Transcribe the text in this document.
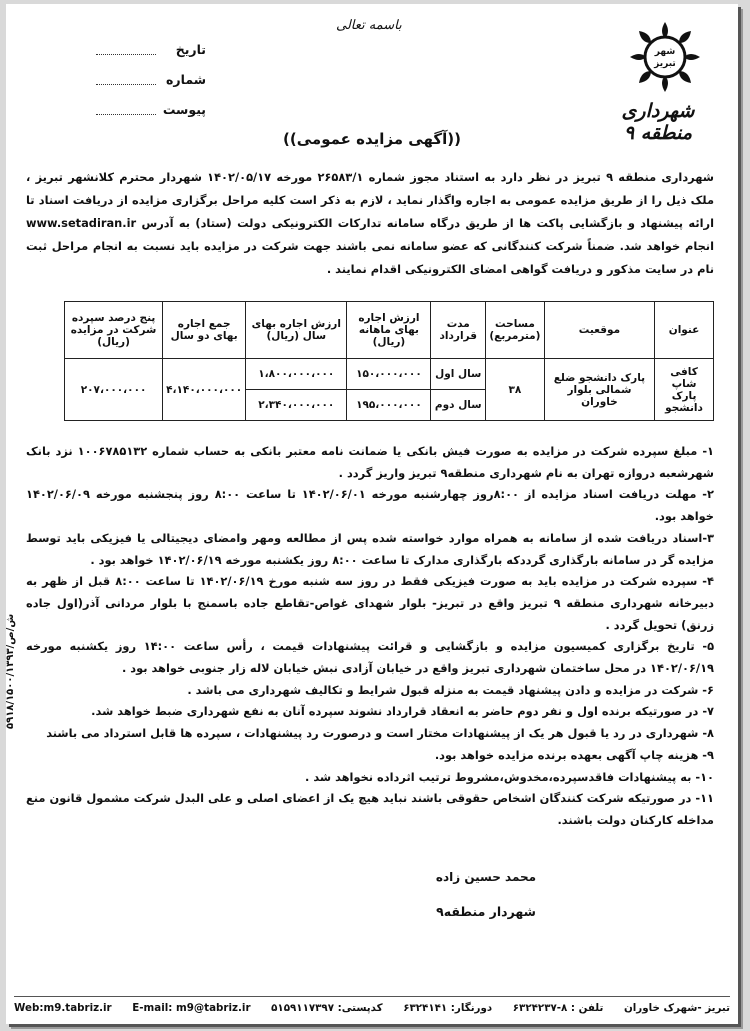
باسمه تعالی
شهر
تبریز
شهرداری منطقه ۹
تاریخ
شماره
پیوست
((آگهی مزایده عمومی))
شهرداری منطقه ۹ تبریز در نظر دارد به استناد مجوز شماره ۲۶۵۸۳/۱ مورخه ۱۴۰۲/۰۵/۱۷ شهردار محترم کلانشهر تبریز ، ملک ذیل را از طریق مزایده عمومی به اجاره واگذار نماید ، لازم به ذکر است کلیه مراحل برگزاری مزایده از دریافت اسناد تا ارائه پیشنهاد و بازگشایی پاکت ها از طریق درگاه سامانه تدارکات الکترونیکی دولت (ستاد) به آدرس www.setadiran.ir انجام خواهد شد. ضمناً شرکت کنندگانی که عضو سامانه نمی باشند جهت شرکت در مزایده باید نسبت به انجام مراحل ثبت نام در سایت مذکور و دریافت گواهی امضای الکترونیکی اقدام نمایند .
عنوان	موقعیت	مساحت (مترمربع)	مدت قرارداد	ارزش اجاره بهای ماهانه (ریال)	ارزش اجاره بهای سال (ریال)	جمع اجاره بهای دو سال	پنج درصد سپرده شرکت در مزایده (ریال)
کافی شاپ پارک دانشجو	پارک دانشجو ضلع شمالی بلوار خاوران	۳۸	سال اول	۱۵۰،۰۰۰،۰۰۰	۱،۸۰۰،۰۰۰،۰۰۰	۴،۱۴۰،۰۰۰،۰۰۰	۲۰۷،۰۰۰،۰۰۰
			سال دوم	۱۹۵،۰۰۰،۰۰۰	۲،۳۴۰،۰۰۰،۰۰۰		

۱- مبلغ سپرده شرکت در مزایده به صورت فیش بانکی یا ضمانت نامه معتبر بانکی به حساب شماره ۱۰۰۶۷۸۵۱۳۲ نزد بانک شهرشعبه دروازه تهران به نام شهرداری منطقه۹ تبریز واریز گردد .

۲- مهلت دریافت اسناد مزایده از ۸:۰۰روز چهارشنبه مورخه ۱۴۰۲/۰۶/۰۱ تا ساعت ۸:۰۰ روز پنجشنبه مورخه ۱۴۰۲/۰۶/۰۹ خواهد بود.

۳-اسناد دریافت شده از سامانه به همراه موارد خواسته شده پس از مطالعه ومهر وامضای دیجیتالی یا فیزیکی باید توسط مزایده گر در سامانه بارگذاری گرددکه بارگذاری مدارک تا ساعت ۸:۰۰ روز یکشنبه مورخه ۱۴۰۲/۰۶/۱۹ خواهد بود .

۴- سپرده شرکت در مزایده باید به صورت فیزیکی فقط در روز سه شنبه مورخ ۱۴۰۲/۰۶/۱۹ تا ساعت ۸:۰۰ قبل از ظهر به دبیرخانه شهرداری منطقه ۹ تبریز واقع در تبریز- بلوار شهدای غواص-تقاطع جاده باسمنج با بلوار مردانی آذر(اول جاده زرنق) تحویل گردد .

۵- تاریخ برگزاری کمیسیون مزایده و بازگشایی و قرائت پیشنهادات قیمت ، رأس ساعت ۱۴:۰۰ روز یکشنبه مورخه ۱۴۰۲/۰۶/۱۹ در محل ساختمان شهرداری تبریز واقع در خیابان آزادی نبش خیابان لاله زار جنوبی خواهد بود .

۶- شرکت در مزایده و دادن پیشنهاد قیمت به منزله قبول شرایط و تکالیف شهرداری می باشد .

۷- در صورتیکه برنده اول و نفر دوم حاضر به انعقاد قرارداد نشوند سپرده آنان به نفع شهرداری ضبط خواهد شد.

۸- شهرداری در رد یا قبول هر یک از پیشنهادات مختار است و درصورت رد پیشنهادات ، سپرده ها قابل استرداد می باشند

۹- هزینه چاپ آگهی بعهده برنده مزایده خواهد بود.

۱۰- به پیشنهادات فاقدسپرده،مخدوش،مشروط ترتیب اثرداده نخواهد شد .

۱۱- در صورتیکه شرکت کنندگان اشخاص حقوقی باشند نباید هیچ یک از اعضای اصلی و علی البدل شرکت مشمول قانون منع مداخله کارکنان دولت باشند.

محمد حسین زاده
شهردار منطقه۹
۵۹۱۸/ش/ص/۱۵۰۰/۱۳۹۳
Web:m9.tabriz.ir E-mail: m9@tabriz.ir کدپستی: ۵۱۵۹۱۱۷۳۹۷ دورنگار: ۶۳۲۴۱۴۱ تلفن : ۸-۶۳۲۴۲۳۷ تبریز -شهرک خاوران
